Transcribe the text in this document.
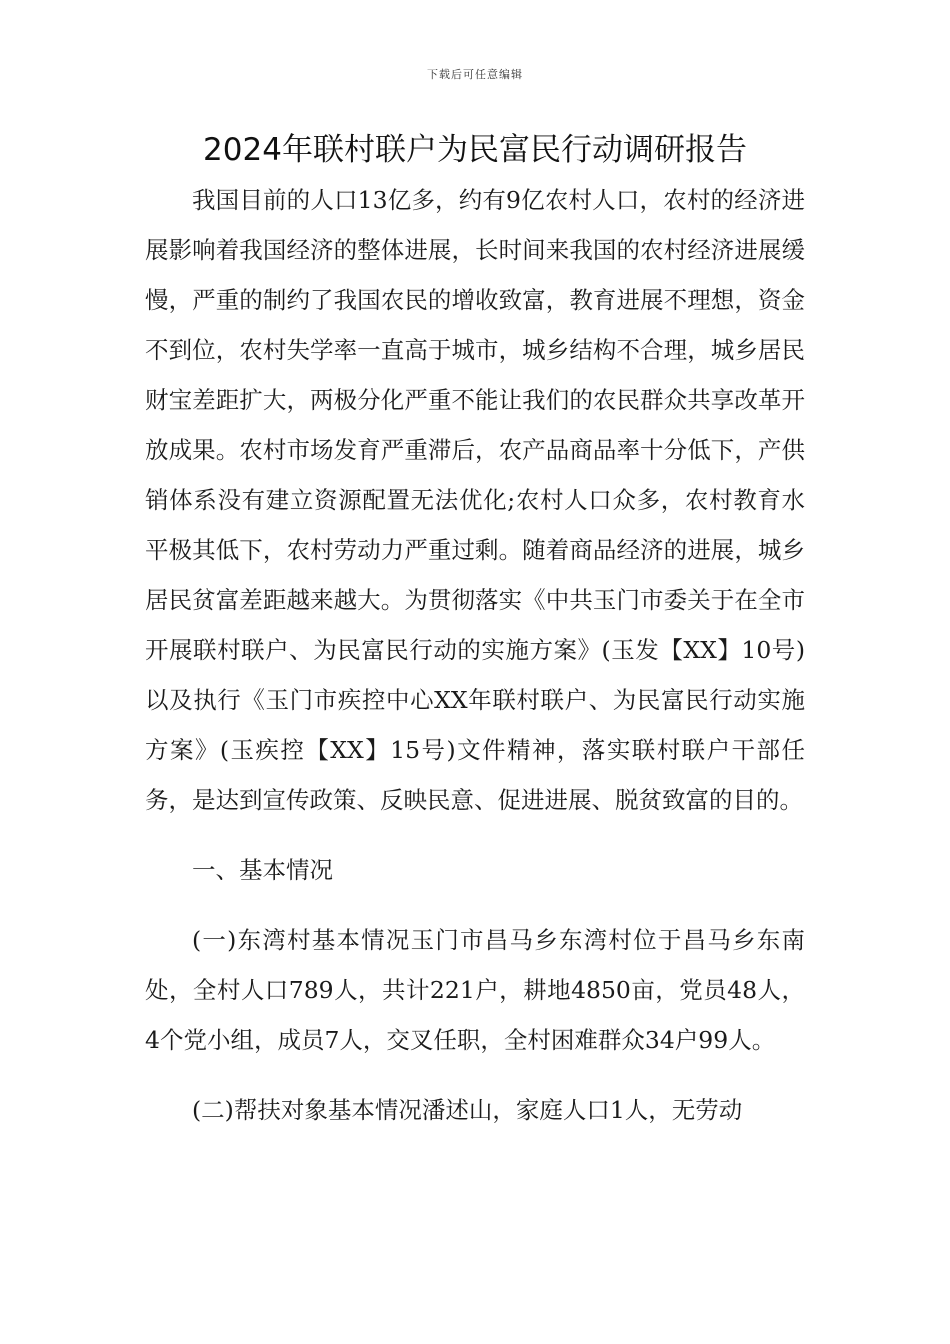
下载后可任意编辑
2024年联村联户为民富民行动调研报告

我国目前的人口13亿多，约有9亿农村人口，农村的经济进展影响着我国经济的整体进展，长时间来我国的农村经济进展缓慢，严重的制约了我国农民的增收致富，教育进展不理想，资金不到位，农村失学率一直高于城市，城乡结构不合理，城乡居民财宝差距扩大，两极分化严重不能让我们的农民群众共享改革开放成果。农村市场发育严重滞后，农产品商品率十分低下，产供销体系没有建立资源配置无法优化;农村人口众多，农村教育水平极其低下，农村劳动力严重过剩。随着商品经济的进展，城乡居民贫富差距越来越大。为贯彻落实《中共玉门市委关于在全市开展联村联户、为民富民行动的实施方案》(玉发【XX】10号)以及执行《玉门市疾控中心XX年联村联户、为民富民行动实施方案》(玉疾控【XX】15号)文件精神，落实联村联户干部任务，是达到宣传政策、反映民意、促进进展、脱贫致富的目的。

一、基本情况

(一)东湾村基本情况玉门市昌马乡东湾村位于昌马乡东南处，全村人口789人，共计221户，耕地4850亩，党员48人，4个党小组，成员7人，交叉任职，全村困难群众34户99人。

(二)帮扶对象基本情况潘述山，家庭人口1人，无劳动
